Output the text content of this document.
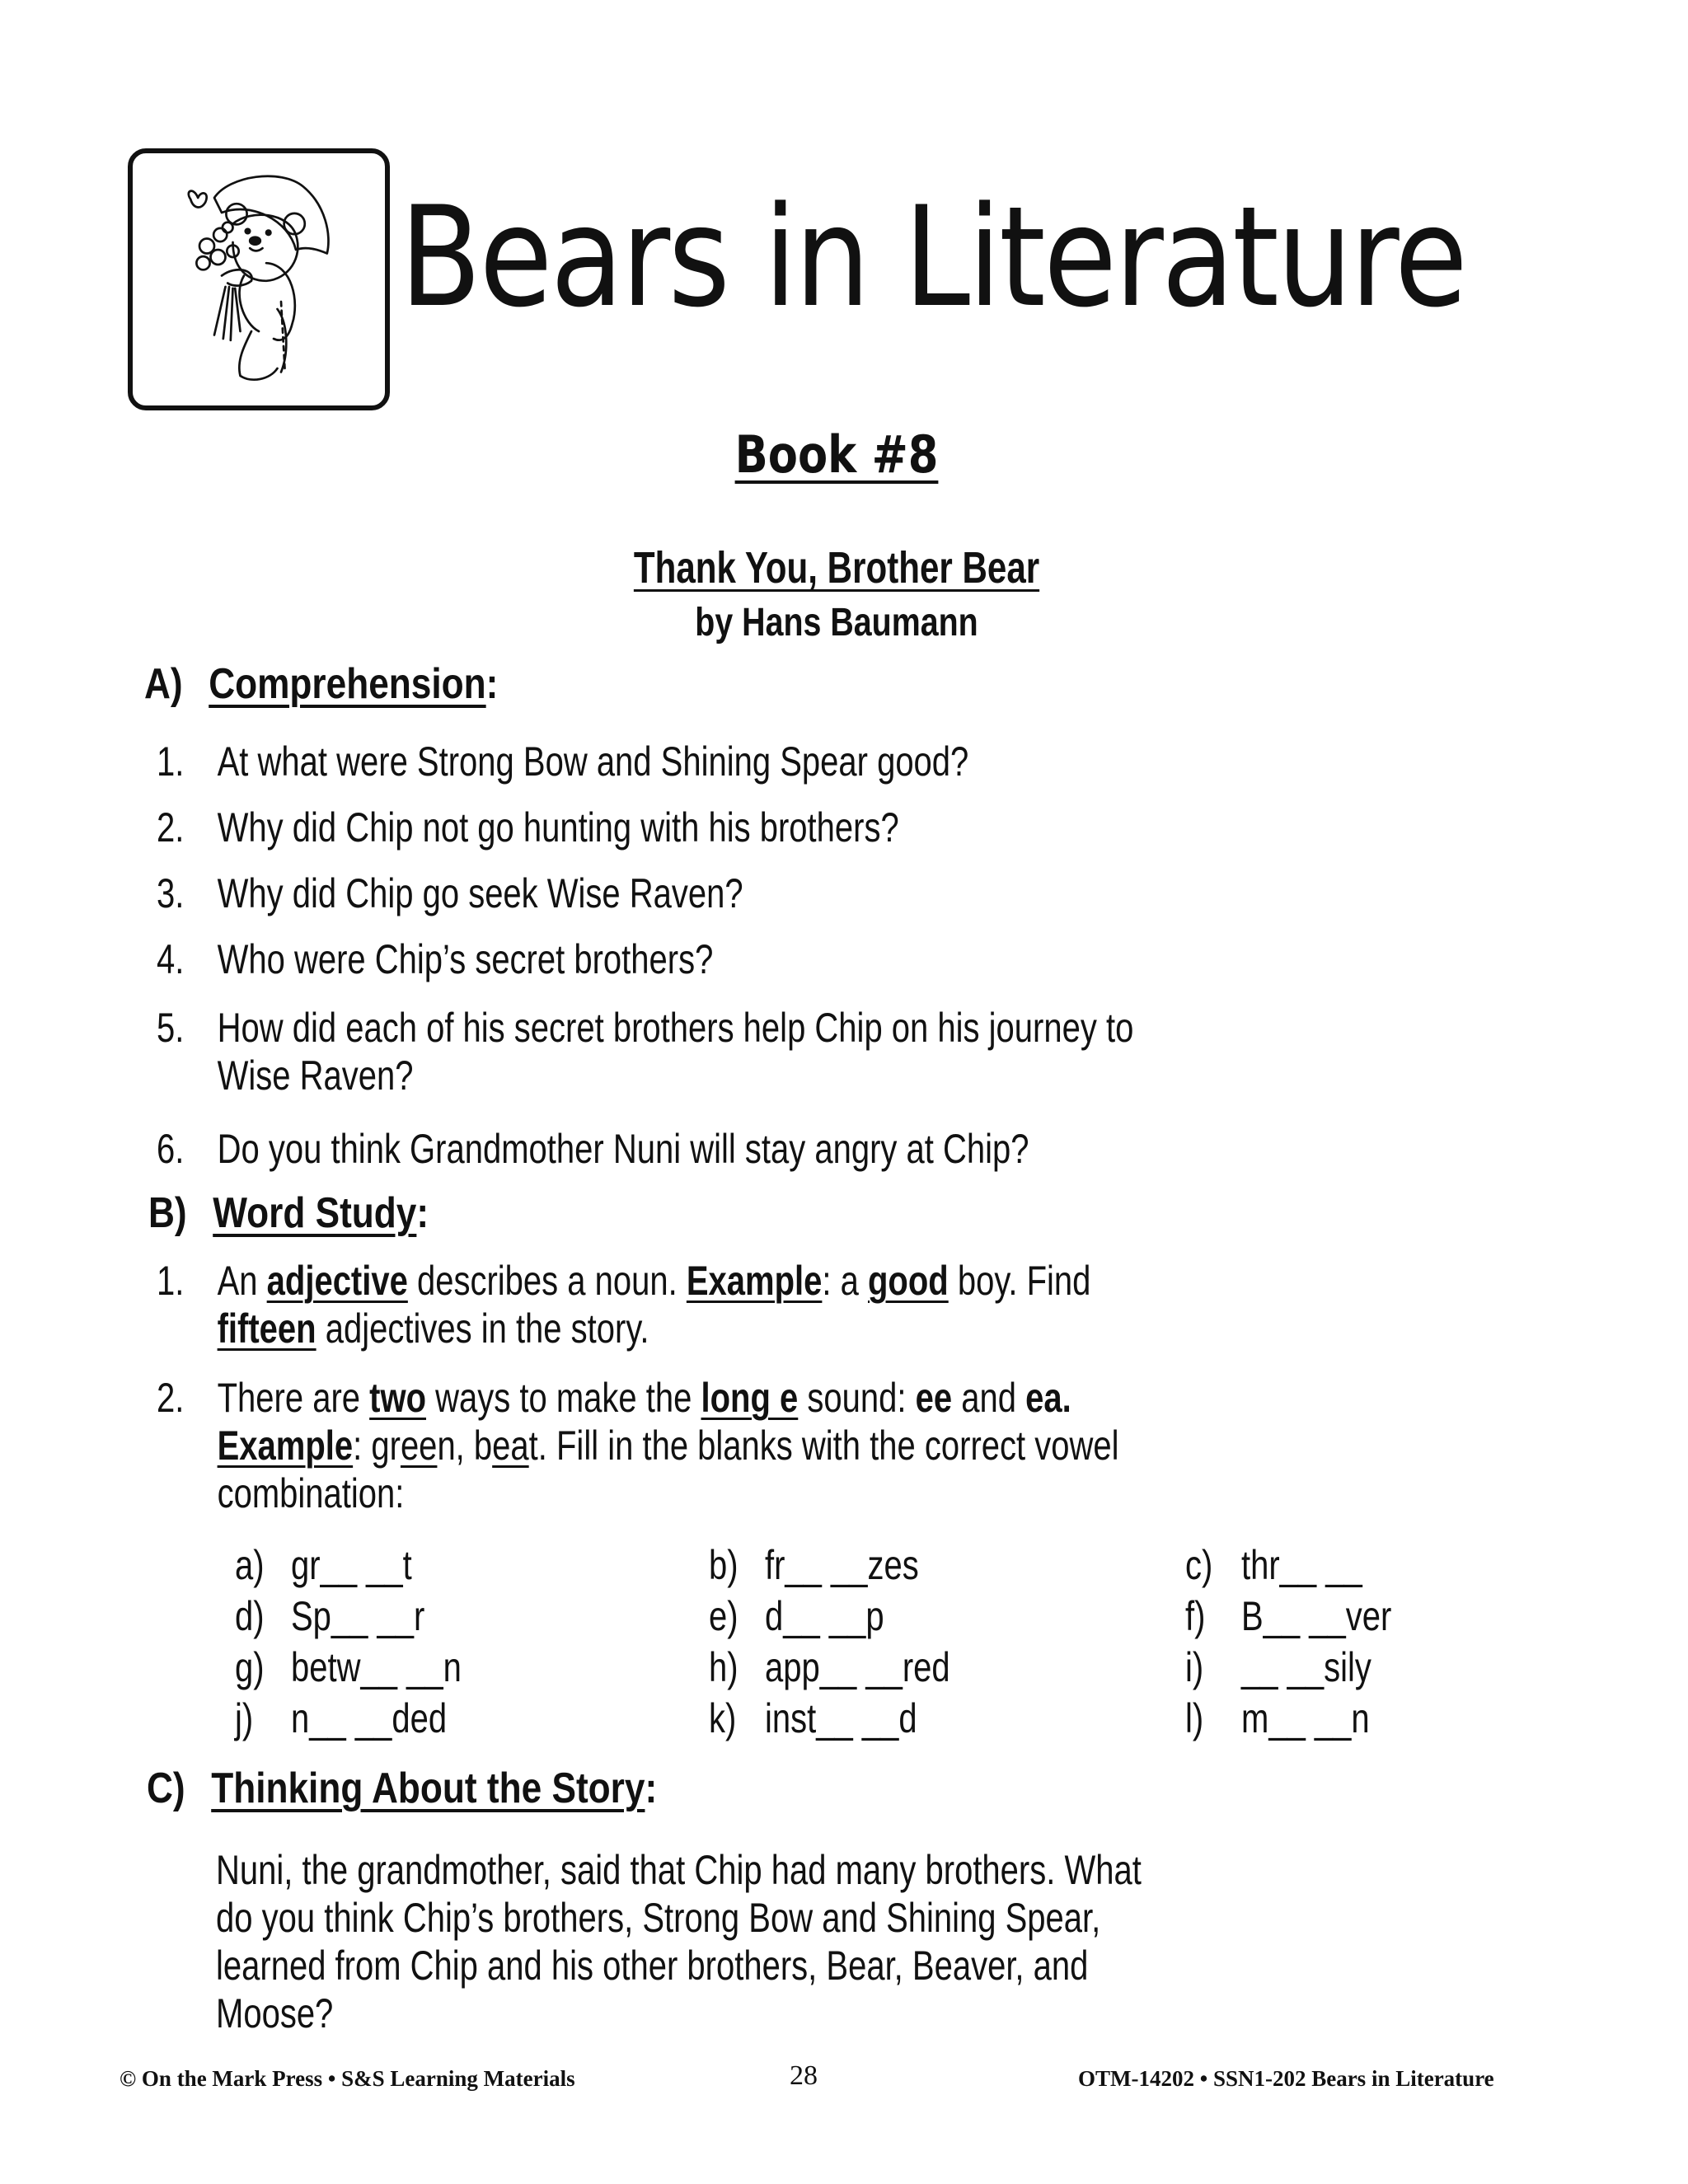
Bears in Literature
Book #8
Thank You, Brother Bear
by Hans Baumann
A) Comprehension:
1. At what were Strong Bow and Shining Spear good?
2. Why did Chip not go hunting with his brothers?
3. Why did Chip go seek Wise Raven?
4. Who were Chip’s secret brothers?
5. How did each of his secret brothers help Chip on his journey to
Wise Raven?
6. Do you think Grandmother Nuni will stay angry at Chip?
B) Word Study:
1. An adjective describes a noun. Example: a good boy. Find
fifteen adjectives in the story.
2. There are two ways to make the long e sound: ee and ea.
Example: green, beat. Fill in the blanks with the correct vowel
combination:
a) gr__ __t	b) fr__ __zes	c) thr__ __
d) Sp__ __r	e) d__ __p	f) B__ __ver
g) betw__ __n	h) app__ __red	i) __ __sily
j) n__ __ded	k) inst__ __d	l) m__ __n
C) Thinking About the Story:
Nuni, the grandmother, said that Chip had many brothers. What
do you think Chip’s brothers, Strong Bow and Shining Spear,
learned from Chip and his other brothers, Bear, Beaver, and
Moose?
© On the Mark Press • S&S Learning Materials	28	OTM-14202 • SSN1-202 Bears in Literature
